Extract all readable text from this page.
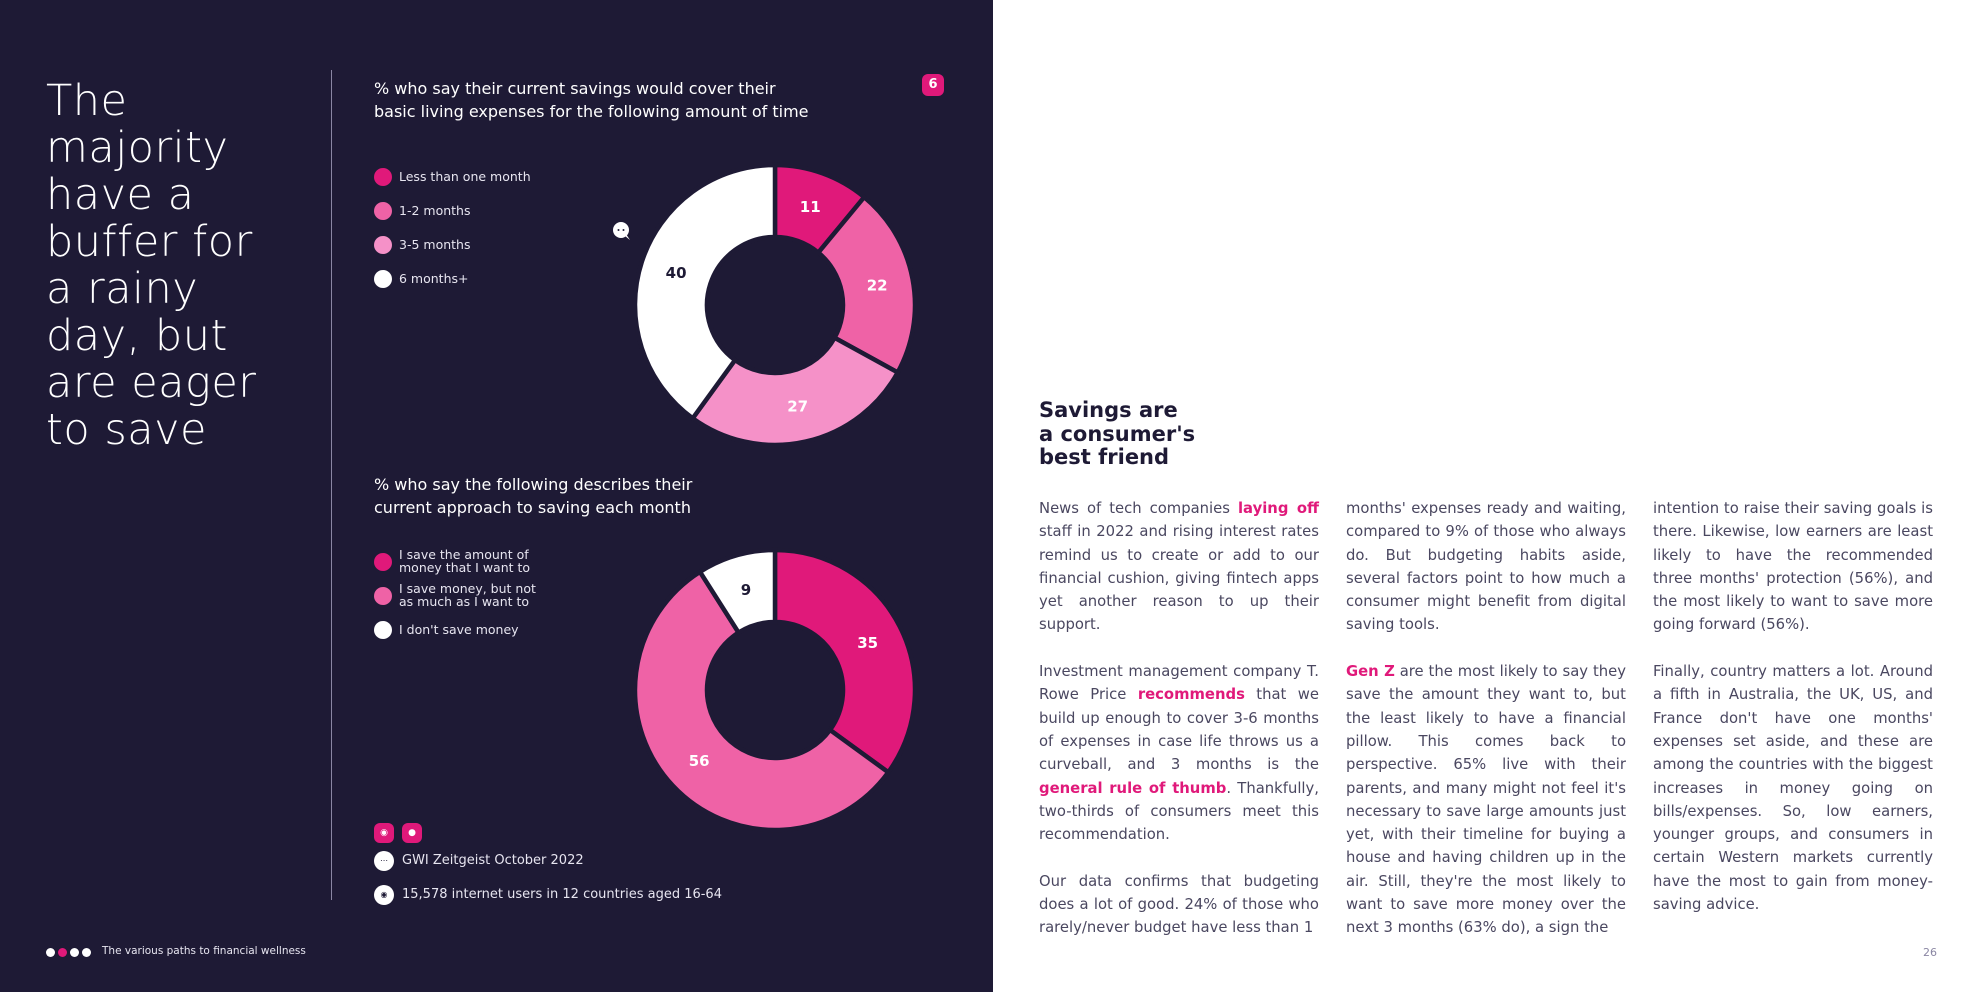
The majority
have a
buffer for
a rainy
day, but
are eager
to save
% who say their current savings would cover their
basic living expenses for the following amount of time
6
Less than one month
1-2 months
3-5 months
6 months+
11
22
27
40
% who say the following describes their
current approach to saving each month
I save the amount of money that I want to
I save money, but not as much as I want to
I don't save money
35
56
9
◉	●
⋯	GWI Zeitgeist October 2022
◉	15,578 internet users in 12 countries aged 16-64
The various paths to financial wellness
Savings are
a consumer's
best friend

News of tech companies laying off staff in 2022 and rising interest rates remind us to create or add to our financial cushion, giving fintech apps yet another reason to up their support.

Investment management company T. Rowe Price recommends that we build up enough to cover 3-6 months of expenses in case life throws us a curveball, and 3 months is the general rule of thumb. Thankfully, two-thirds of consumers meet this recommendation.

Our data confirms that budgeting does a lot of good. 24% of those who rarely/never budget have less than 1

months' expenses ready and waiting, compared to 9% of those who always do. But budgeting habits aside, several factors point to how much a consumer might benefit from digital saving tools.

Gen Z are the most likely to say they save the amount they want to, but the least likely to have a financial pillow. This comes back to perspective. 65% live with their parents, and many might not feel it's necessary to save large amounts just yet, with their timeline for buying a house and having children up in the air. Still, they're the most likely to want to save more money over the next 3 months (63% do), a sign the

intention to raise their saving goals is there. Likewise, low earners are least likely to have the recommended three months' protection (56%), and the most likely to want to save more going forward (56%).

Finally, country matters a lot. Around a fifth in Australia, the UK, US, and France don't have one months' expenses set aside, and these are among the countries with the biggest increases in money going on bills/expenses. So, low earners, younger groups, and consumers in certain Western markets currently have the most to gain from money-saving advice.

26
